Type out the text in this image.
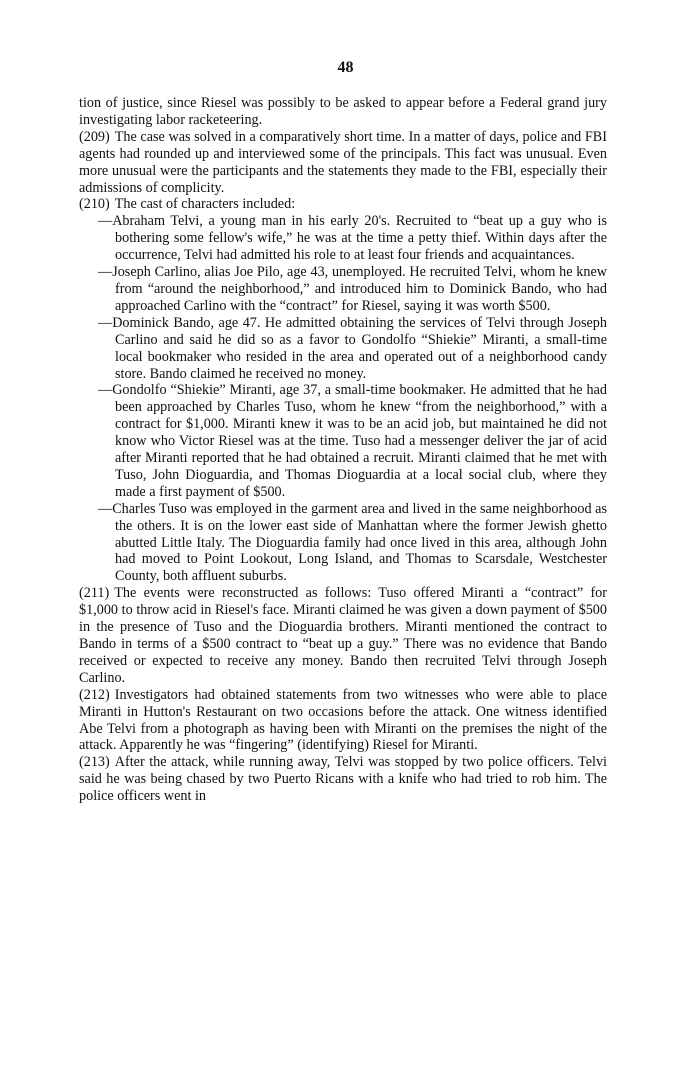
48

tion of justice, since Riesel was possibly to be asked to appear before a Federal grand jury investigating labor racketeering.

(209) The case was solved in a comparatively short time. In a matter of days, police and FBI agents had rounded up and interviewed some of the principals. This fact was unusual. Even more unusual were the participants and the statements they made to the FBI, especially their admissions of complicity.

(210) The cast of characters included:

—Abraham Telvi, a young man in his early 20's. Recruited to “beat up a guy who is bothering some fellow's wife,” he was at the time a petty thief. Within days after the occurrence, Telvi had admitted his role to at least four friends and acquaintances.
—Joseph Carlino, alias Joe Pilo, age 43, unemployed. He recruited Telvi, whom he knew from “around the neighborhood,” and introduced him to Dominick Bando, who had approached Carlino with the “contract” for Riesel, saying it was worth $500.
—Dominick Bando, age 47. He admitted obtaining the services of Telvi through Joseph Carlino and said he did so as a favor to Gondolfo “Shiekie” Miranti, a small-time local bookmaker who resided in the area and operated out of a neighborhood candy store. Bando claimed he received no money.
—Gondolfo “Shiekie” Miranti, age 37, a small-time bookmaker. He admitted that he had been approached by Charles Tuso, whom he knew “from the neighborhood,” with a contract for $1,000. Miranti knew it was to be an acid job, but maintained he did not know who Victor Riesel was at the time. Tuso had a messenger deliver the jar of acid after Miranti reported that he had obtained a recruit. Miranti claimed that he met with Tuso, John Dioguardia, and Thomas Dioguardia at a local social club, where they made a first payment of $500.
—Charles Tuso was employed in the garment area and lived in the same neighborhood as the others. It is on the lower east side of Manhattan where the former Jewish ghetto abutted Little Italy. The Dioguardia family had once lived in this area, although John had moved to Point Lookout, Long Island, and Thomas to Scarsdale, Westchester County, both affluent suburbs.

(211) The events were reconstructed as follows: Tuso offered Miranti a “contract” for $1,000 to throw acid in Riesel's face. Miranti claimed he was given a down payment of $500 in the presence of Tuso and the Dioguardia brothers. Miranti mentioned the contract to Bando in terms of a $500 contract to “beat up a guy.” There was no evidence that Bando received or expected to receive any money. Bando then recruited Telvi through Joseph Carlino.

(212) Investigators had obtained statements from two witnesses who were able to place Miranti in Hutton's Restaurant on two occasions before the attack. One witness identified Abe Telvi from a photograph as having been with Miranti on the premises the night of the attack. Apparently he was “fingering” (identifying) Riesel for Miranti.

(213) After the attack, while running away, Telvi was stopped by two police officers. Telvi said he was being chased by two Puerto Ricans with a knife who had tried to rob him. The police officers went in
